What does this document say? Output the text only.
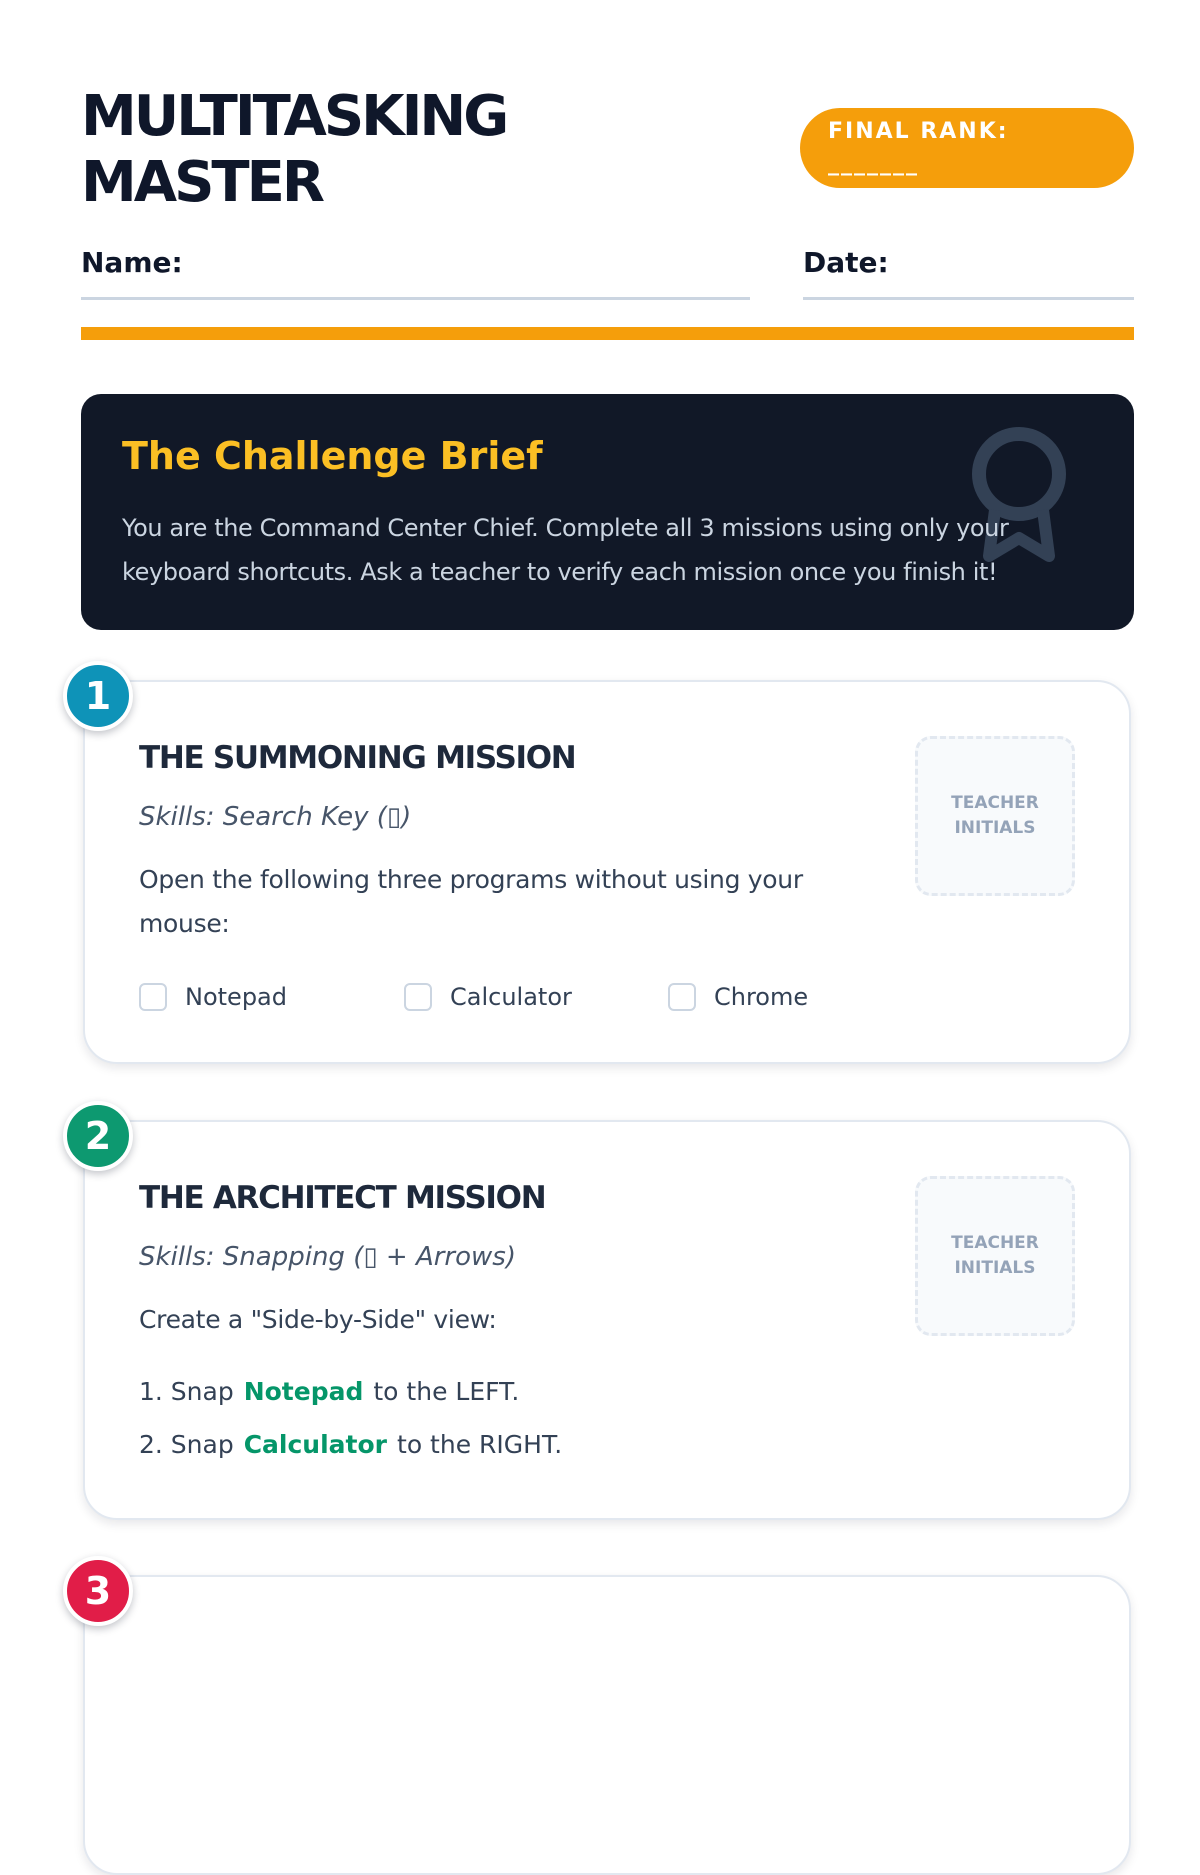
MULTITASKING
MASTER
FINAL RANK:
_______
Name:	Date:
The Challenge Brief

You are the Command Center Chief. Complete all 3 missions using only your keyboard shortcuts. Ask a teacher to verify each mission once you finish it!

THE SUMMONING MISSION

Skills: Search Key (▯)

Open the following three programs without using your mouse:

TEACHER INITIALS
Notepad	Calculator	Chrome
1
THE ARCHITECT MISSION

Skills: Snapping (▯ + Arrows)

Create a "Side-by-Side" view:

TEACHER INITIALS

1. Snap Notepad to the LEFT.

2. Snap Calculator to the RIGHT.

2
3
